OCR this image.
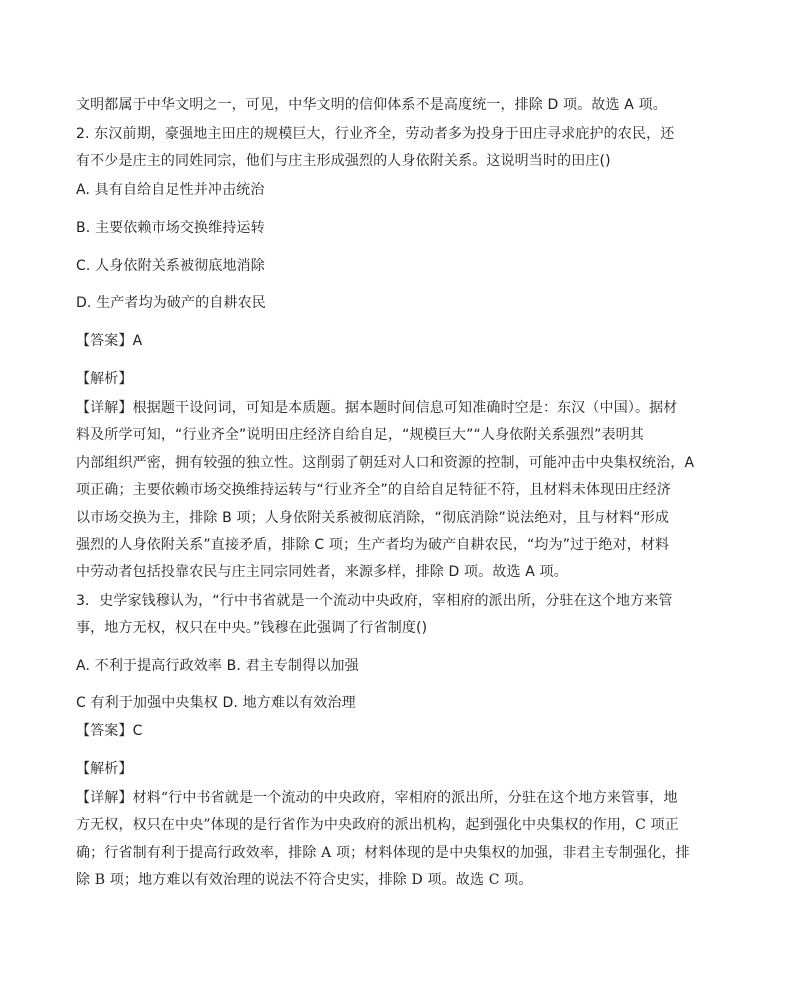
文明都属于中华文明之一，可见，中华文明的信仰体系不是高度统一，排除 D 项。故选 A 项。
2. 东汉前期，豪强地主田庄的规模巨大，行业齐全，劳动者多为投身于田庄寻求庇护的农民，还
有不少是庄主的同姓同宗，他们与庄主形成强烈的人身依附关系。这说明当时的田庄()
A. 具有自给自足性并冲击统治
B. 主要依赖市场交换维持运转
C. 人身依附关系被彻底地消除
D. 生产者均为破产的自耕农民
【答案】A
【解析】
【详解】根据题干设问词，可知是本质题。据本题时间信息可知准确时空是：东汉（中国）。据材
料及所学可知，“行业齐全”说明田庄经济自给自足，“规模巨大”“人身依附关系强烈”表明其
内部组织严密，拥有较强的独立性。这削弱了朝廷对人口和资源的控制，可能冲击中央集权统治，A
项正确；主要依赖市场交换维持运转与“行业齐全”的自给自足特征不符，且材料未体现田庄经济
以市场交换为主，排除 B 项；人身依附关系被彻底消除，“彻底消除”说法绝对，且与材料“形成
强烈的人身依附关系”直接矛盾，排除 C 项；生产者均为破产自耕农民，“均为”过于绝对，材料
中劳动者包括投靠农民与庄主同宗同姓者，来源多样，排除 D 项。故选 A 项。
3．史学家钱穆认为，“行中书省就是一个流动中央政府，宰相府的派出所，分驻在这个地方来管
事，地方无权，权只在中央。”钱穆在此强调了行省制度()
A. 不利于提高行政效率 B. 君主专制得以加强
C 有利于加强中央集权 D. 地方难以有效治理
【答案】C
【解析】
【详解】材料“行中书省就是一个流动的中央政府，宰相府的派出所，分驻在这个地方来管事，地
方无权，权只在中央”体现的是行省作为中央政府的派出机构，起到强化中央集权的作用，C 项正
确；行省制有利于提高行政效率，排除 A 项；材料体现的是中央集权的加强，非君主专制强化，排
除 B 项；地方难以有效治理的说法不符合史实，排除 D 项。故选 C 项。
